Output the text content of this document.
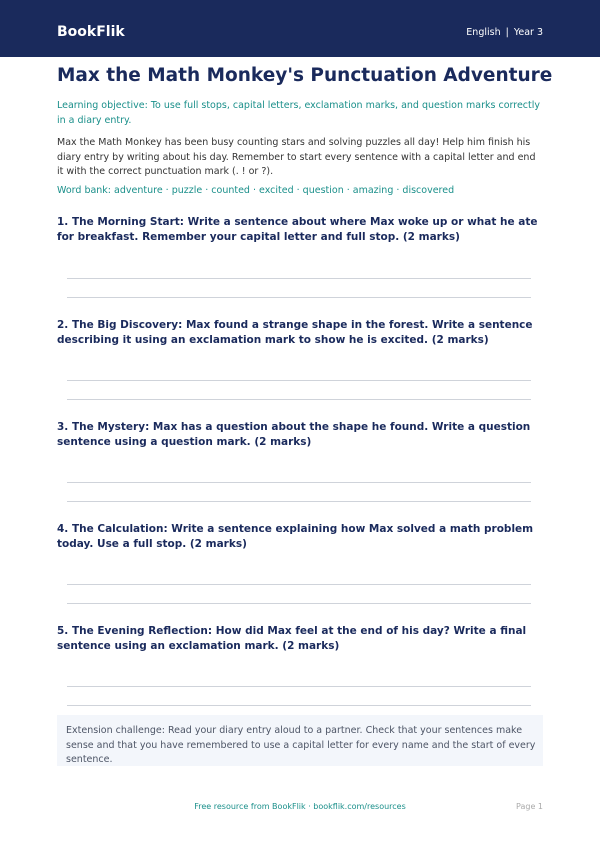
BookFlik	English | Year 3
Max the Math Monkey's Punctuation Adventure

Learning objective: To use full stops, capital letters, exclamation marks, and question marks correctly in a diary entry.

Max the Math Monkey has been busy counting stars and solving puzzles all day! Help him finish his diary entry by writing about his day. Remember to start every sentence with a capital letter and end it with the correct punctuation mark (. ! or ?).

Word bank: adventure · puzzle · counted · excited · question · amazing · discovered

1. The Morning Start: Write a sentence about where Max woke up or what he ate for breakfast. Remember your capital letter and full stop. (2 marks)

2. The Big Discovery: Max found a strange shape in the forest. Write a sentence describing it using an exclamation mark to show he is excited. (2 marks)

3. The Mystery: Max has a question about the shape he found. Write a question sentence using a question mark. (2 marks)

4. The Calculation: Write a sentence explaining how Max solved a math problem today. Use a full stop. (2 marks)

5. The Evening Reflection: How did Max feel at the end of his day? Write a final sentence using an exclamation mark. (2 marks)

Extension challenge: Read your diary entry aloud to a partner. Check that your sentences make sense and that you have remembered to use a capital letter for every name and the start of every sentence.
Free resource from BookFlik · bookflik.com/resources	Page 1
